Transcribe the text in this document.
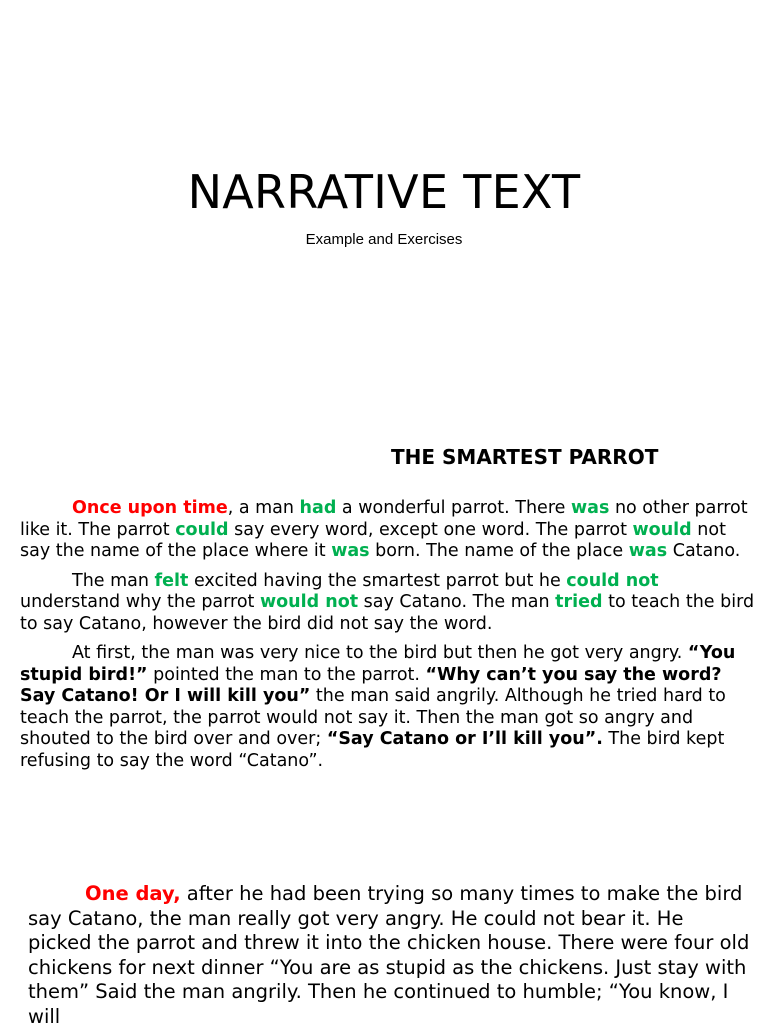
NARRATIVE TEXT
Example and Exercises
THE SMARTEST PARROT

Once upon time, a man had a wonderful parrot. There was no other parrot like it. The parrot could say every word, except one word. The parrot would not say the name of the place where it was born. The name of the place was Catano.

The man felt excited having the smartest parrot but he could not understand why the parrot would not say Catano. The man tried to teach the bird to say Catano, however the bird did not say the word.

At first, the man was very nice to the bird but then he got very angry. “You stupid bird!” pointed the man to the parrot. “Why can’t you say the word? Say Catano! Or I will kill you” the man said angrily. Although he tried hard to teach the parrot, the parrot would not say it. Then the man got so angry and shouted to the bird over and over; “Say Catano or I’ll kill you”. The bird kept refusing to say the word “Catano”.

One day, after he had been trying so many times to make the bird say Catano, the man really got very angry. He could not bear it. He picked the parrot and threw it into the chicken house. There were four old chickens for next dinner “You are as stupid as the chickens. Just stay with them” Said the man angrily. Then he continued to humble; “You know, I will
